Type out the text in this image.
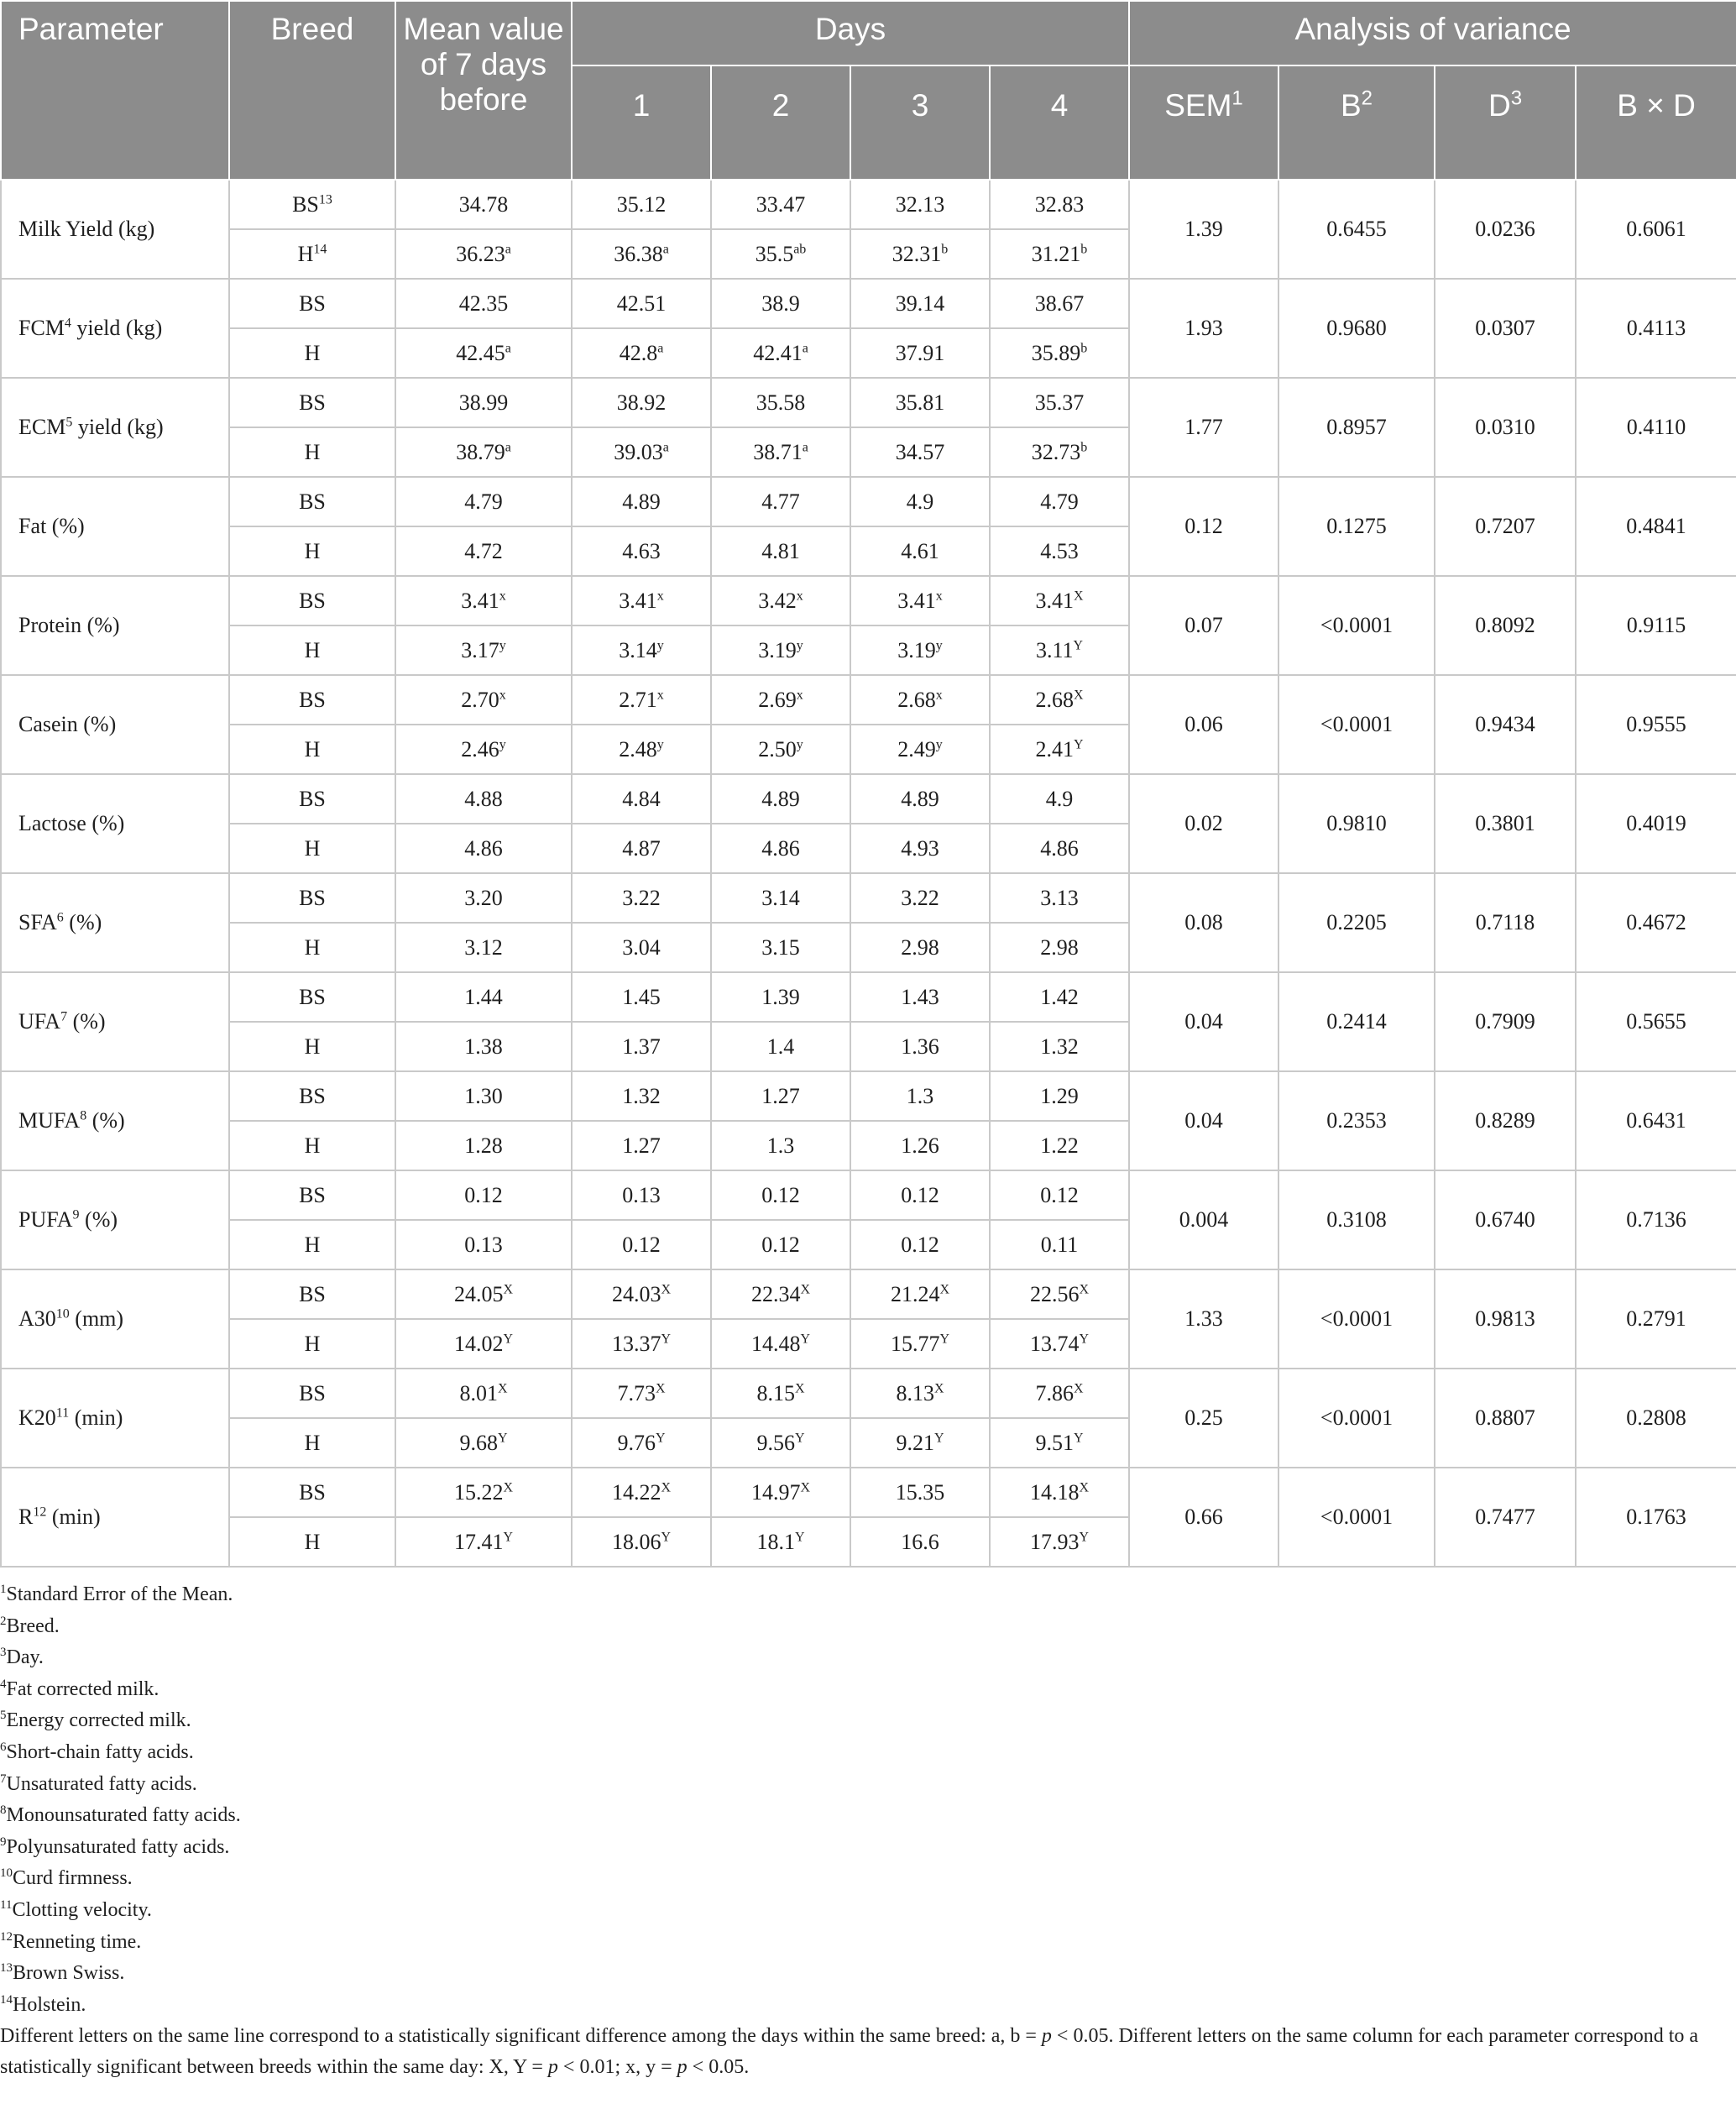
Parameter	Breed	Mean value of 7 days before	Days				Analysis of variance			
			1	2	3	4	SEM$^1$	$B^2$	$D^3$	B × D
Milk Yield (kg)	BS$^{13}$	34.78	35.12	33.47	32.13	32.83	1.39	0.6455	0.0236	0.6061
	$H^{14}$	36.23$^a$	36.38$^a$	35.5$^{ab}$	32.31$^b$	31.21$^b$
FCM$^4$ yield (kg)	BS	42.35	42.51	38.9	39.14	38.67	1.93	0.9680	0.0307	0.4113
	H	42.45$^a$	42.8$^a$	42.41$^a$	37.91	35.89$^b$
ECM$^5$ yield (kg)	BS	38.99	38.92	35.58	35.81	35.37	1.77	0.8957	0.0310	0.4110
	H	38.79$^a$	39.03$^a$	38.71$^a$	34.57	32.73$^b$
Fat (%)	BS	4.79	4.89	4.77	4.9	4.79	0.12	0.1275	0.7207	0.4841
	H	4.72	4.63	4.81	4.61	4.53				
Protein (%)	BS	3.41$^x$	3.41$^x$	3.42$^x$	3.41$^x$	$3.41^X$	0.07	<0.0001	0.8092	0.9115
	H	3.17$^y$	3.14$^y$	3.19$^y$	3.19$^y$	$3.11^Y$
Casein (%)	BS	2.70$^x$	2.71$^x$	2.69$^x$	2.68$^x$	$2.68^X$	0.06	<0.0001	0.9434	0.9555
	H	2.46$^y$	2.48$^y$	2.50$^y$	2.49$^y$	$2.41^Y$
Lactose (%)	BS	4.88	4.84	4.89	4.89	4.9	0.02	0.9810	0.3801	0.4019
	H	4.86	4.87	4.86	4.93	4.86				
SFA$^6$ (%)	BS	3.20	3.22	3.14	3.22	3.13	0.08	0.2205	0.7118	0.4672
	H	3.12	3.04	3.15	2.98	2.98				
UFA$^7$ (%)	BS	1.44	1.45	1.39	1.43	1.42	0.04	0.2414	0.7909	0.5655
	H	1.38	1.37	1.4	1.36	1.32				
MUFA$^8$ (%)	BS	1.30	1.32	1.27	1.3	1.29	0.04	0.2353	0.8289	0.6431
	H	1.28	1.27	1.3	1.26	1.22				
PUFA$^9$ (%)	BS	0.12	0.13	0.12	0.12	0.12	0.004	0.3108	0.6740	0.7136
	H	0.13	0.12	0.12	0.12	0.11				
$A30^{10}$ (mm)	BS	$24.05^X$	$24.03^X$	$22.34^X$	$21.24^X$	$22.56^X$	1.33	<0.0001	0.9813	0.2791
	H	$14.02^Y$	$13.37^Y$	$14.48^Y$	$15.77^Y$	$13.74^Y$
$K20^{11}$ (min)	BS	$8.01^X$	$7.73^X$	$8.15^X$	$8.13^X$	$7.86^X$	0.25	<0.0001	0.8807	0.2808
	H	$9.68^Y$	$9.76^Y$	$9.56^Y$	$9.21^Y$	$9.51^Y$
$R^{12}$ (min)	BS	$15.22^X$	$14.22^X$	$14.97^X$	15.35	$14.18^X$	0.66	<0.0001	0.7477	0.1763
	H	$17.41^Y$	$18.06^Y$	$18.1^Y$	16.6	$17.93^Y$
$^1$Standard Error of the Mean.
$^2$Breed.
$^3$Day.
$^4$Fat corrected milk.
$^5$Energy corrected milk.
$^6$Short-chain fatty acids.
$^7$Unsaturated fatty acids.
$^8$Monounsaturated fatty acids.
$^9$Polyunsaturated fatty acids.
$^{10}$Curd firmness.
$^{11}$Clotting velocity.
$^{12}$Renneting time.
$^{13}$Brown Swiss.
$^{14}$Holstein.
Different letters on the same line correspond to a statistically significant difference among the days within the same breed: a, b = p < 0.05. Different letters on the same column for each parameter correspond to a statistically significant between breeds within the same day: X, Y = p < 0.01; x, y = p < 0.05.
